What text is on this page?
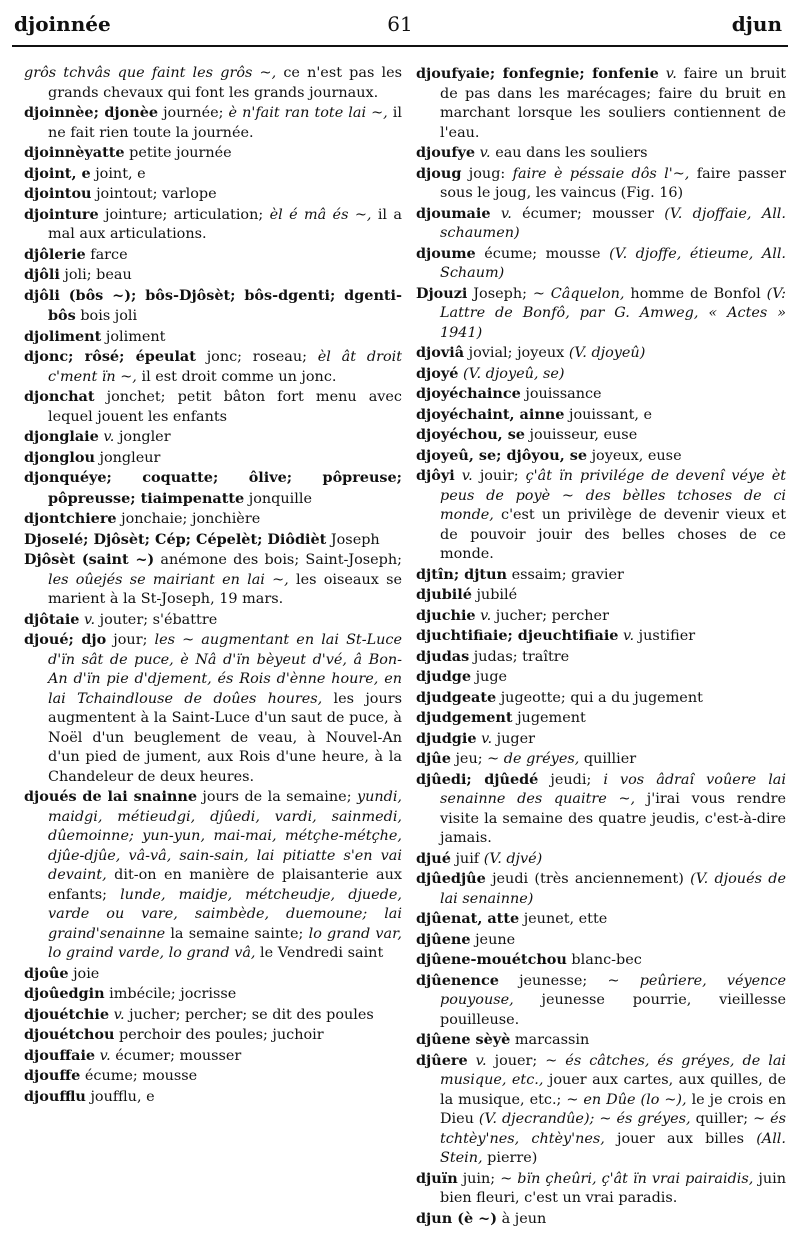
djoinnée	61	djun

grôs tchvâs que faint les grôs ~, ce n'est pas les grands chevaux qui font les grands journaux.

djoinnèe; djonèe journée; è n'fait ran tote lai ~, il ne fait rien toute la journée.

djoinnèyatte petite journée

djoint, e joint, e

djointou jointout; varlope

djointure jointure; articulation; èl é mâ és ~, il a mal aux articulations.

djôlerie farce

djôli joli; beau

djôli (bôs ~); bôs-Djôsèt; bôs-dgenti; dgenti-bôs bois joli

djoliment joliment

djonc; rôsé; épeulat jonc; roseau; èl ât droit c'ment ïn ~, il est droit comme un jonc.

djonchat jonchet; petit bâton fort menu avec lequel jouent les enfants

djonglaie v. jongler

djonglou jongleur

djonquéye; coquatte; ôlive; pôpreuse; pôpreusse; tiaimpenatte jonquille

djontchiere jonchaie; jonchière

Djoselé; Djôsèt; Cép; Cépelèt; Diôdièt Joseph

Djôsèt (saint ~) anémone des bois; Saint-Joseph; les oûejés se mairiant en lai ~, les oiseaux se marient à la St-Joseph, 19 mars.

djôtaie v. jouter; s'ébattre

djoué; djo jour; les ~ augmentant en lai St-Luce d'ïn sât de puce, è Nâ d'ïn bèyeut d'vé, â Bon-An d'ïn pie d'djement, és Rois d'ènne houre, en lai Tchaindlouse de doûes houres, les jours augmentent à la Saint-Luce d'un saut de puce, à Noël d'un beuglement de veau, à Nouvel-An d'un pied de jument, aux Rois d'une heure, à la Chandeleur de deux heures.

djoués de lai snainne jours de la semaine; yundi, maidgi, métieudgi, djûedi, vardi, sainmedi, dûemoinne; yun-yun, mai-mai, métçhe-métçhe, djûe-djûe, vâ-vâ, sain-sain, lai pitiatte s'en vai devaint, dit-on en manière de plaisanterie aux enfants; lunde, maidje, métcheudje, djuede, varde ou vare, saimbède, duemoune; lai graind'senainne la semaine sainte; lo grand var, lo graind varde, lo grand vâ, le Vendredi saint

djoûe joie

djoûedgin imbécile; jocrisse

djouétchie v. jucher; percher; se dit des poules

djouétchou perchoir des poules; juchoir

djouffaie v. écumer; mousser

djouffe écume; mousse

djoufflu joufflu, e

djoufyaie; fonfegnie; fonfenie v. faire un bruit de pas dans les marécages; faire du bruit en marchant lorsque les souliers contiennent de l'eau.

djoufye v. eau dans les souliers

djoug joug: faire è péssaie dôs l'~, faire passer sous le joug, les vaincus (Fig. 16)

djoumaie v. écumer; mousser (V. djoffaie, All. schaumen)

djoume écume; mousse (V. djoffe, étieume, All. Schaum)

Djouzi Joseph; ~ Câquelon, homme de Bonfol (V: Lattre de Bonfô, par G. Amweg, « Actes » 1941)

djoviâ jovial; joyeux (V. djoyeû)

djoyé (V. djoyeû, se)

djoyéchaince jouissance

djoyéchaint, ainne jouissant, e

djoyéchou, se jouisseur, euse

djoyeû, se; djôyou, se joyeux, euse

djôyi v. jouir; ç'ât ïn privilége de devenî véye èt peus de poyè ~ des bèlles tchoses de ci monde, c'est un privilège de devenir vieux et de pouvoir jouir des belles choses de ce monde.

djtîn; djtun essaim; gravier

djubilé jubilé

djuchie v. jucher; percher

djuchtifiaie; djeuchtifiaie v. justifier

djudas judas; traître

djudge juge

djudgeate jugeotte; qui a du jugement

djudgement jugement

djudgie v. juger

djûe jeu; ~ de gréyes, quillier

djûedi; djûedé jeudi; i vos âdraî voûere lai senainne des quaitre ~, j'irai vous rendre visite la semaine des quatre jeudis, c'est-à-dire jamais.

djué juif (V. djvé)

djûedjûe jeudi (très anciennement) (V. djoués de lai senainne)

djûenat, atte jeunet, ette

djûene jeune

djûene-mouétchou blanc-bec

djûenence jeunesse; ~ peûriere, véyence pouyouse, jeunesse pourrie, vieillesse pouilleuse.

djûene sèyè marcassin

djûere v. jouer; ~ és câtches, és gréyes, de lai musique, etc., jouer aux cartes, aux quilles, de la musique, etc.; ~ en Dûe (lo ~), le je crois en Dieu (V. djecrandûe); ~ és gréyes, quiller; ~ és tchtèy'nes, chtèy'nes, jouer aux billes (All. Stein, pierre)

djuïn juin; ~ bïn çheûri, ç'ât ïn vrai pairaidis, juin bien fleuri, c'est un vrai paradis.

djun (è ~) à jeun
